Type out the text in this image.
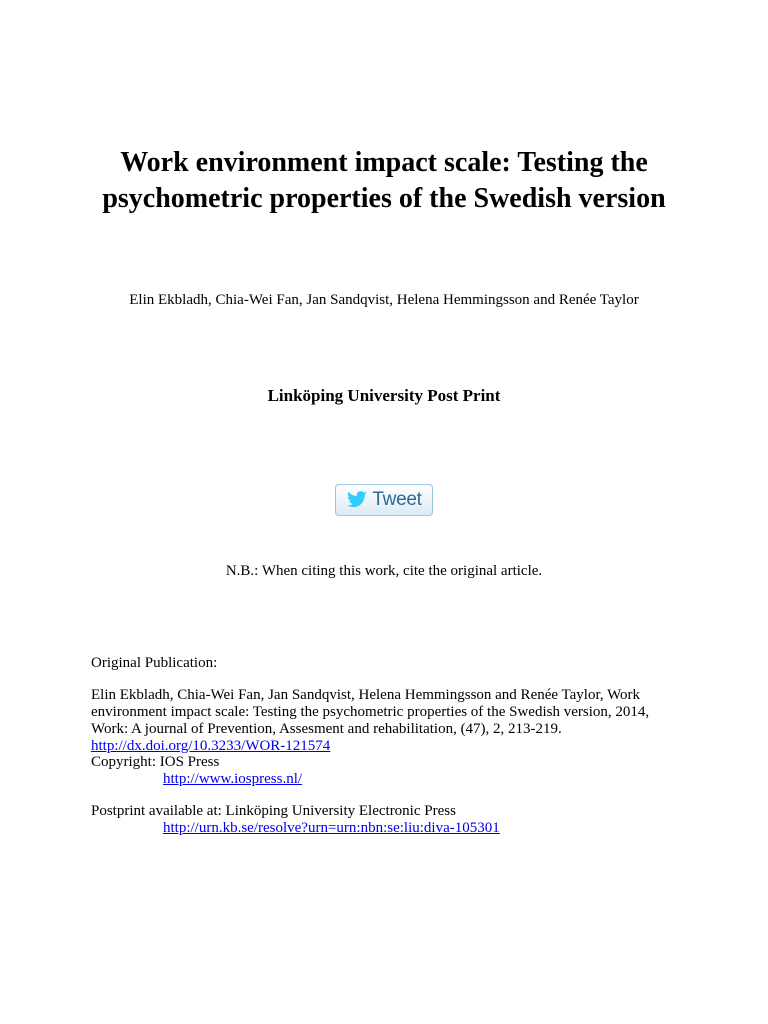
Work environment impact scale: Testing the
psychometric properties of the Swedish version
Elin Ekbladh, Chia-Wei Fan, Jan Sandqvist, Helena Hemmingsson and Renée Taylor
Linköping University Post Print
Tweet
N.B.: When citing this work, cite the original article.
Original Publication:
Elin Ekbladh, Chia-Wei Fan, Jan Sandqvist, Helena Hemmingsson and Renée Taylor, Work
environment impact scale: Testing the psychometric properties of the Swedish version, 2014,
Work: A journal of Prevention, Assesment and rehabilitation, (47), 2, 213-219.
http://dx.doi.org/10.3233/WOR-121574
Copyright: IOS Press
http://www.iospress.nl/
Postprint available at: Linköping University Electronic Press
http://urn.kb.se/resolve?urn=urn:nbn:se:liu:diva-105301
